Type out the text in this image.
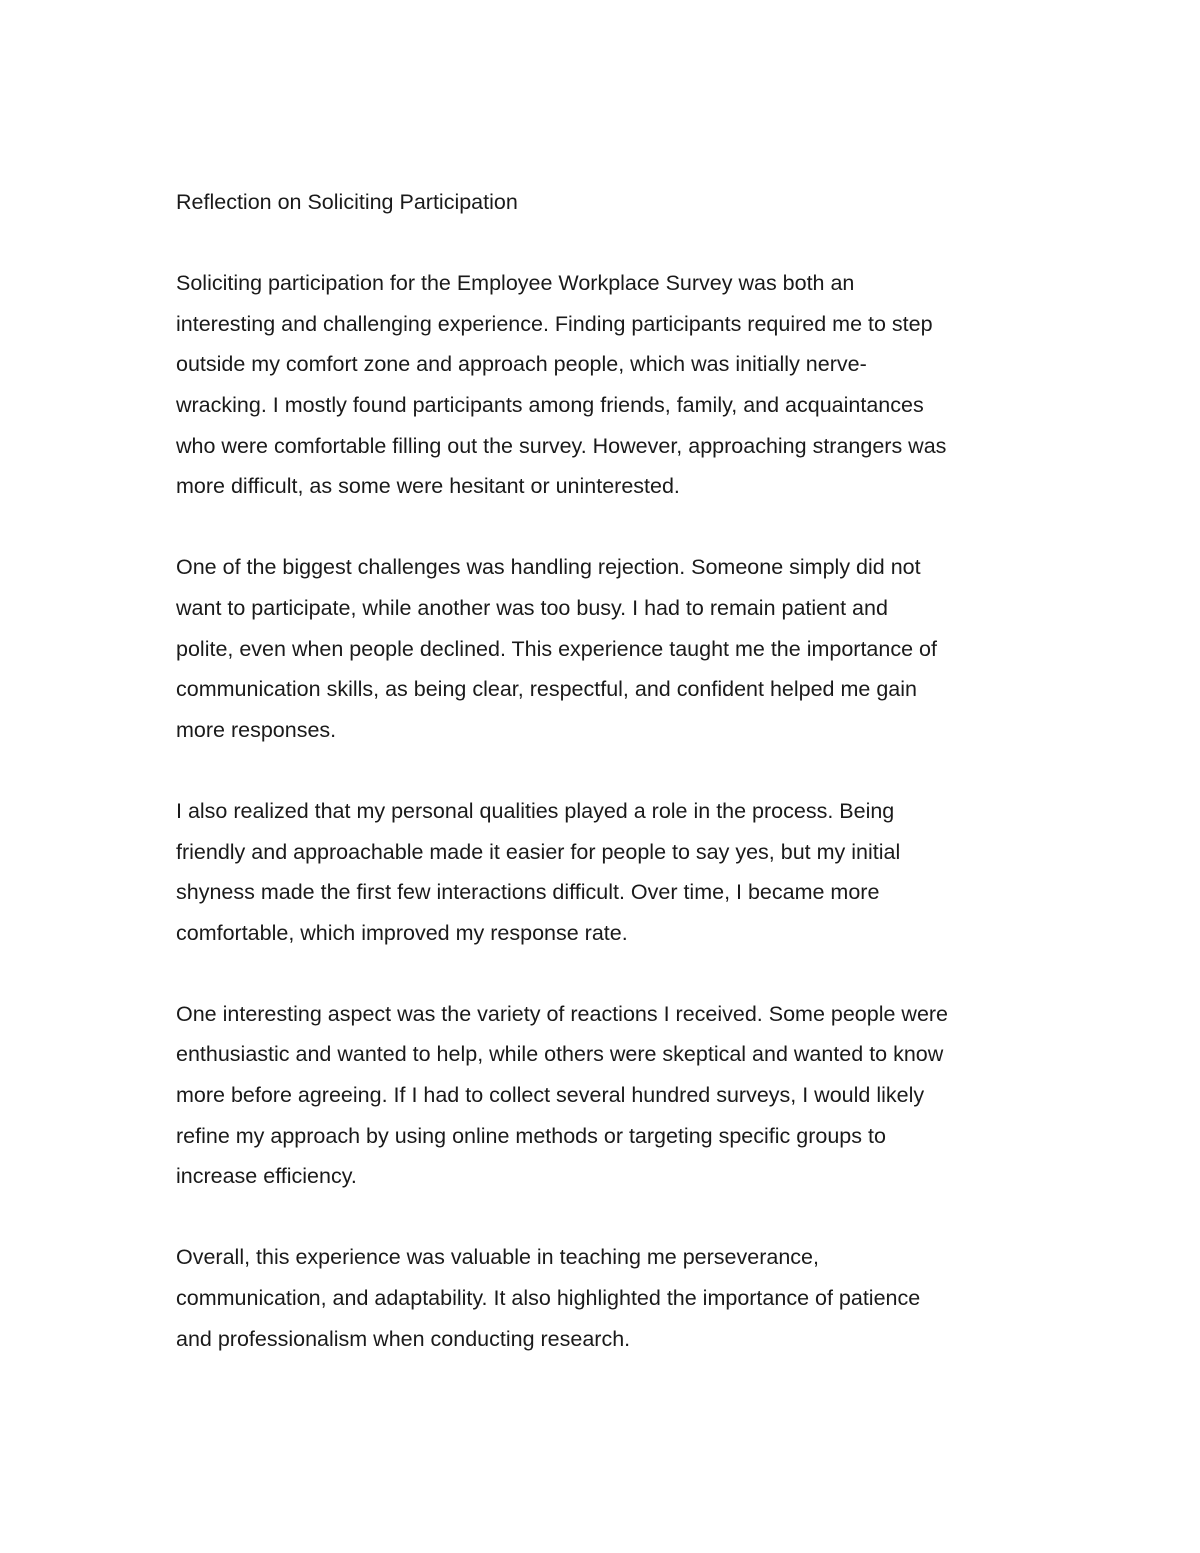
Reflection on Soliciting Participation

Soliciting participation for the Employee Workplace Survey was both an
interesting and challenging experience. Finding participants required me to step
outside my comfort zone and approach people, which was initially nerve-
wracking. I mostly found participants among friends, family, and acquaintances
who were comfortable filling out the survey. However, approaching strangers was
more difficult, as some were hesitant or uninterested.

One of the biggest challenges was handling rejection. Someone simply did not
want to participate, while another was too busy. I had to remain patient and
polite, even when people declined. This experience taught me the importance of
communication skills, as being clear, respectful, and confident helped me gain
more responses.

I also realized that my personal qualities played a role in the process. Being
friendly and approachable made it easier for people to say yes, but my initial
shyness made the first few interactions difficult. Over time, I became more
comfortable, which improved my response rate.

One interesting aspect was the variety of reactions I received. Some people were
enthusiastic and wanted to help, while others were skeptical and wanted to know
more before agreeing. If I had to collect several hundred surveys, I would likely
refine my approach by using online methods or targeting specific groups to
increase efficiency.

Overall, this experience was valuable in teaching me perseverance,
communication, and adaptability. It also highlighted the importance of patience
and professionalism when conducting research.
